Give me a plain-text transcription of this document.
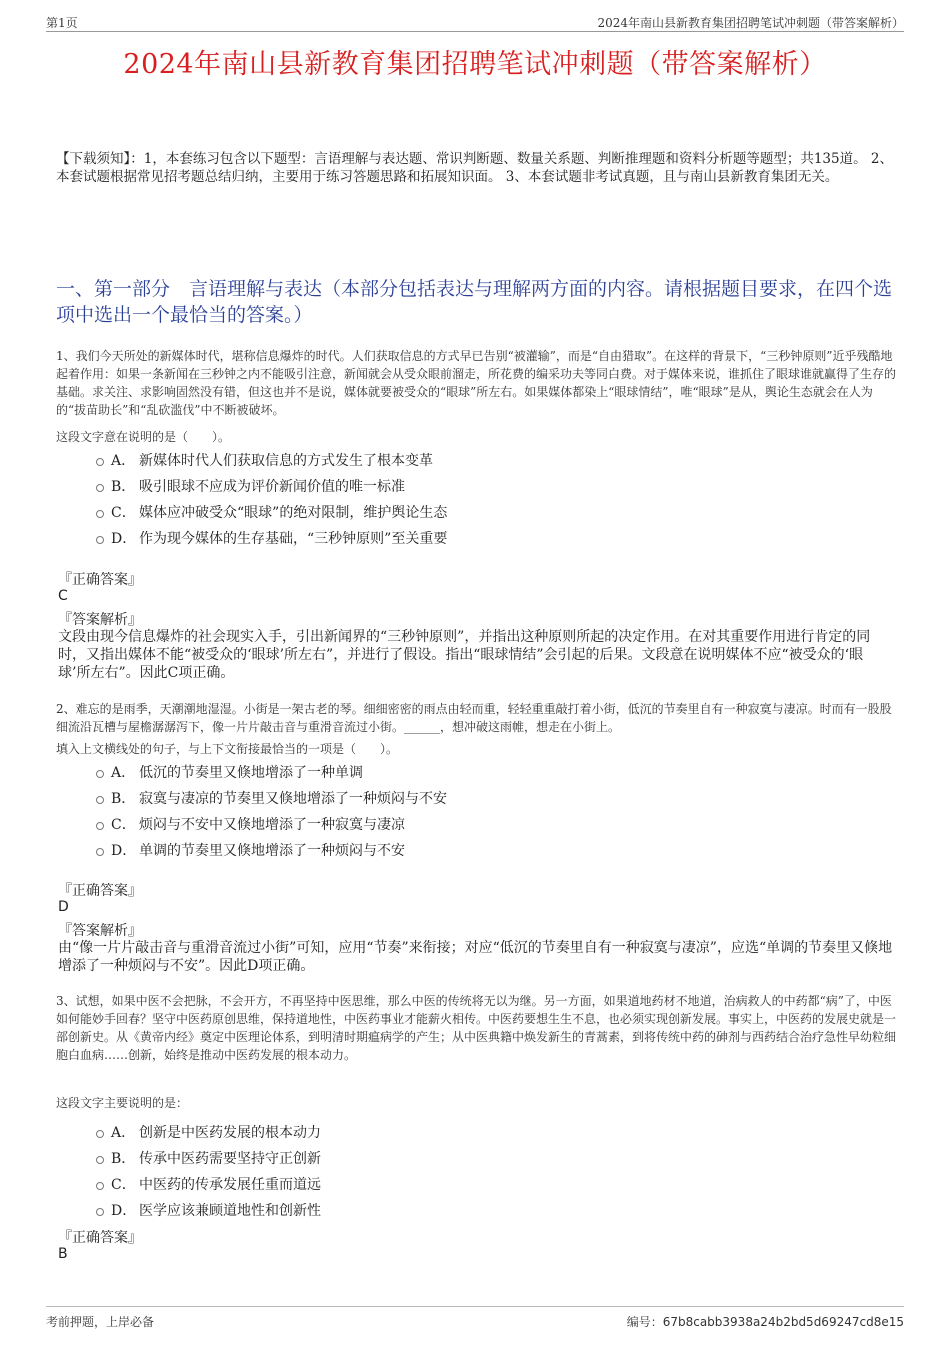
第1页	2024年南山县新教育集团招聘笔试冲刺题（带答案解析）
2024年南山县新教育集团招聘笔试冲刺题（带答案解析）
【下载须知】：1，本套练习包含以下题型：言语理解与表达题、常识判断题、数量关系题、判断推理题和资料分析题等题型；共135道。 2、本套试题根据常见招考题总结归纳，主要用于练习答题思路和拓展知识面。 3、本套试题非考试真题，且与南山县新教育集团无关。
一、第一部分　言语理解与表达（本部分包括表达与理解两方面的内容。请根据题目要求，在四个选项中选出一个最恰当的答案。）
1、我们今天所处的新媒体时代，堪称信息爆炸的时代。人们获取信息的方式早已告别“被灌输”，而是“自由猎取”。在这样的背景下，“三秒钟原则”近乎残酷地起着作用：如果一条新闻在三秒钟之内不能吸引注意，新闻就会从受众眼前溜走，所花费的编采功夫等同白费。对于媒体来说，谁抓住了眼球谁就赢得了生存的基础。求关注、求影响固然没有错，但这也并不是说，媒体就要被受众的“眼球”所左右。如果媒体都染上“眼球情结”，唯“眼球”是从，舆论生态就会在人为的“拔苗助长”和“乱砍滥伐”中不断被破坏。
这段文字意在说明的是（　　）。
A． 新媒体时代人们获取信息的方式发生了根本变革
B． 吸引眼球不应成为评价新闻价值的唯一标准
C． 媒体应冲破受众“眼球”的绝对限制，维护舆论生态
D． 作为现今媒体的生存基础，“三秒钟原则”至关重要
『正确答案』
C
『答案解析』
文段由现今信息爆炸的社会现实入手，引出新闻界的“三秒钟原则”，并指出这种原则所起的决定作用。在对其重要作用进行肯定的同时，又指出媒体不能“被受众的‘眼球’所左右”，并进行了假设。指出“眼球情结”会引起的后果。文段意在说明媒体不应“被受众的‘眼球’所左右”。因此C项正确。
2、难忘的是雨季，天潮潮地湿湿。小街是一架古老的琴。细细密密的雨点由轻而重，轻轻重重敲打着小街，低沉的节奏里自有一种寂寞与凄凉。时而有一股股细流沿瓦槽与屋檐潺潺泻下，像一片片敲击音与重滑音流过小街。______，想冲破这雨帷，想走在小街上。
填入上文横线处的句子，与上下文衔接最恰当的一项是（　　）。
A． 低沉的节奏里又倏地增添了一种单调
B． 寂寞与凄凉的节奏里又倏地增添了一种烦闷与不安
C． 烦闷与不安中又倏地增添了一种寂寞与凄凉
D． 单调的节奏里又倏地增添了一种烦闷与不安
『正确答案』
D
『答案解析』
由“像一片片敲击音与重滑音流过小街”可知，应用“节奏”来衔接；对应“低沉的节奏里自有一种寂寞与凄凉”，应选“单调的节奏里又倏地增添了一种烦闷与不安”。因此D项正确。
3、试想，如果中医不会把脉，不会开方，不再坚持中医思维，那么中医的传统将无以为继。另一方面，如果道地药材不地道，治病救人的中药都“病”了，中医如何能妙手回春？坚守中医药原创思维，保持道地性，中医药事业才能薪火相传。中医药要想生生不息，也必须实现创新发展。事实上，中医药的发展史就是一部创新史。从《黄帝内经》奠定中医理论体系，到明清时期瘟病学的产生；从中医典籍中焕发新生的青蒿素，到将传统中药的砷剂与西药结合治疗急性早幼粒细胞白血病……创新，始终是推动中医药发展的根本动力。
这段文字主要说明的是：
A． 创新是中医药发展的根本动力
B． 传承中医药需要坚持守正创新
C． 中医药的传承发展任重而道远
D． 医学应该兼顾道地性和创新性
『正确答案』
B
考前押题，上岸必备	编号：67b8cabb3938a24b2bd5d69247cd8e15
